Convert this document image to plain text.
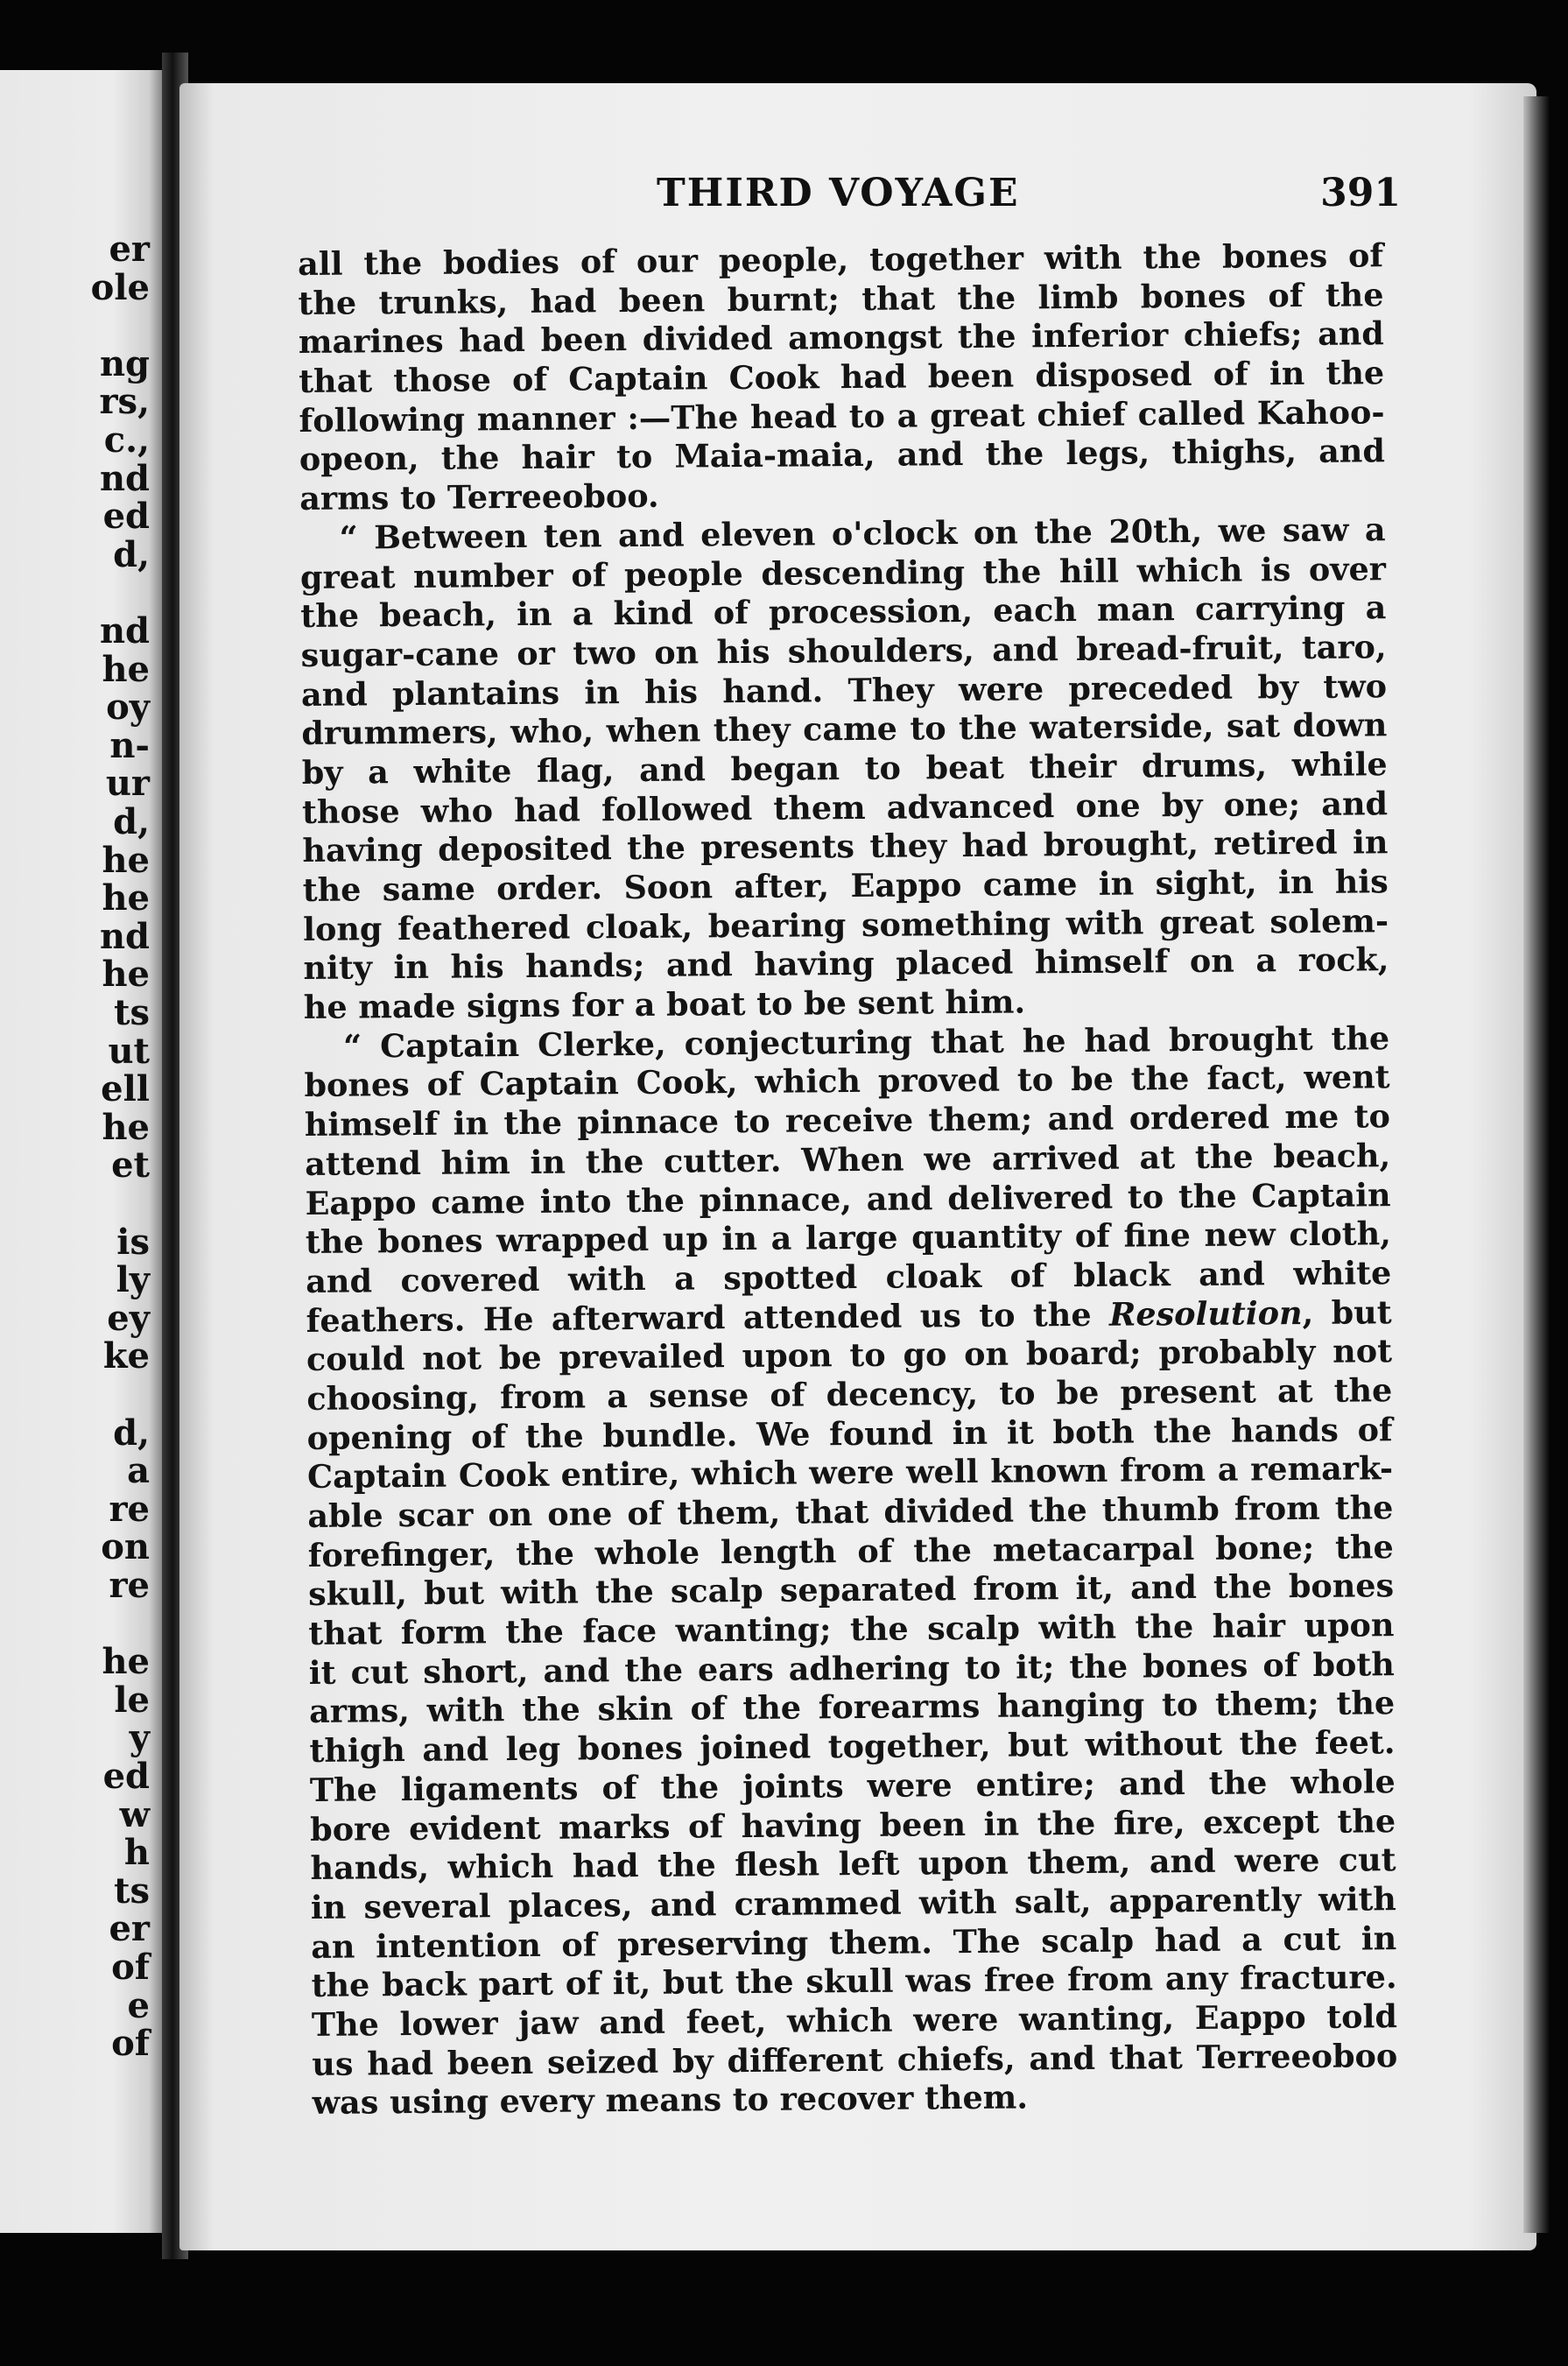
er
ole
ng
rs,
c.,
nd
ed
d,
nd
he
oy
n-
ur
d,
he
he
nd
he
ts
ut
ell
he
et
is
ly
ey
ke
d,
a
re
on
re
he
le
y
ed
w
h
ts
er
of
e
of
THIRD VOYAGE	391
all the bodies of our people, together with the bones of
the trunks, had been burnt; that the limb bones of the
marines had been divided amongst the inferior chiefs; and
that those of Captain Cook had been disposed of in the
following manner :—The head to a great chief called Kahoo-
opeon, the hair to Maia-maia, and the legs, thighs, and
arms to Terreeoboo.
“ Between ten and eleven o'clock on the 20th, we saw a
great number of people descending the hill which is over
the beach, in a kind of procession, each man carrying a
sugar-cane or two on his shoulders, and bread-fruit, taro,
and plantains in his hand. They were preceded by two
drummers, who, when they came to the waterside, sat down
by a white flag, and began to beat their drums, while
those who had followed them advanced one by one; and
having deposited the presents they had brought, retired in
the same order. Soon after, Eappo came in sight, in his
long feathered cloak, bearing something with great solem-
nity in his hands; and having placed himself on a rock,
he made signs for a boat to be sent him.
“ Captain Clerke, conjecturing that he had brought the
bones of Captain Cook, which proved to be the fact, went
himself in the pinnace to receive them; and ordered me to
attend him in the cutter. When we arrived at the beach,
Eappo came into the pinnace, and delivered to the Captain
the bones wrapped up in a large quantity of fine new cloth,
and covered with a spotted cloak of black and white
feathers. He afterward attended us to the Resolution, but
could not be prevailed upon to go on board; probably not
choosing, from a sense of decency, to be present at the
opening of the bundle. We found in it both the hands of
Captain Cook entire, which were well known from a remark-
able scar on one of them, that divided the thumb from the
forefinger, the whole length of the metacarpal bone; the
skull, but with the scalp separated from it, and the bones
that form the face wanting; the scalp with the hair upon
it cut short, and the ears adhering to it; the bones of both
arms, with the skin of the forearms hanging to them; the
thigh and leg bones joined together, but without the feet.
The ligaments of the joints were entire; and the whole
bore evident marks of having been in the fire, except the
hands, which had the flesh left upon them, and were cut
in several places, and crammed with salt, apparently with
an intention of preserving them. The scalp had a cut in
the back part of it, but the skull was free from any fracture.
The lower jaw and feet, which were wanting, Eappo told
us had been seized by different chiefs, and that Terreeoboo
was using every means to recover them.
